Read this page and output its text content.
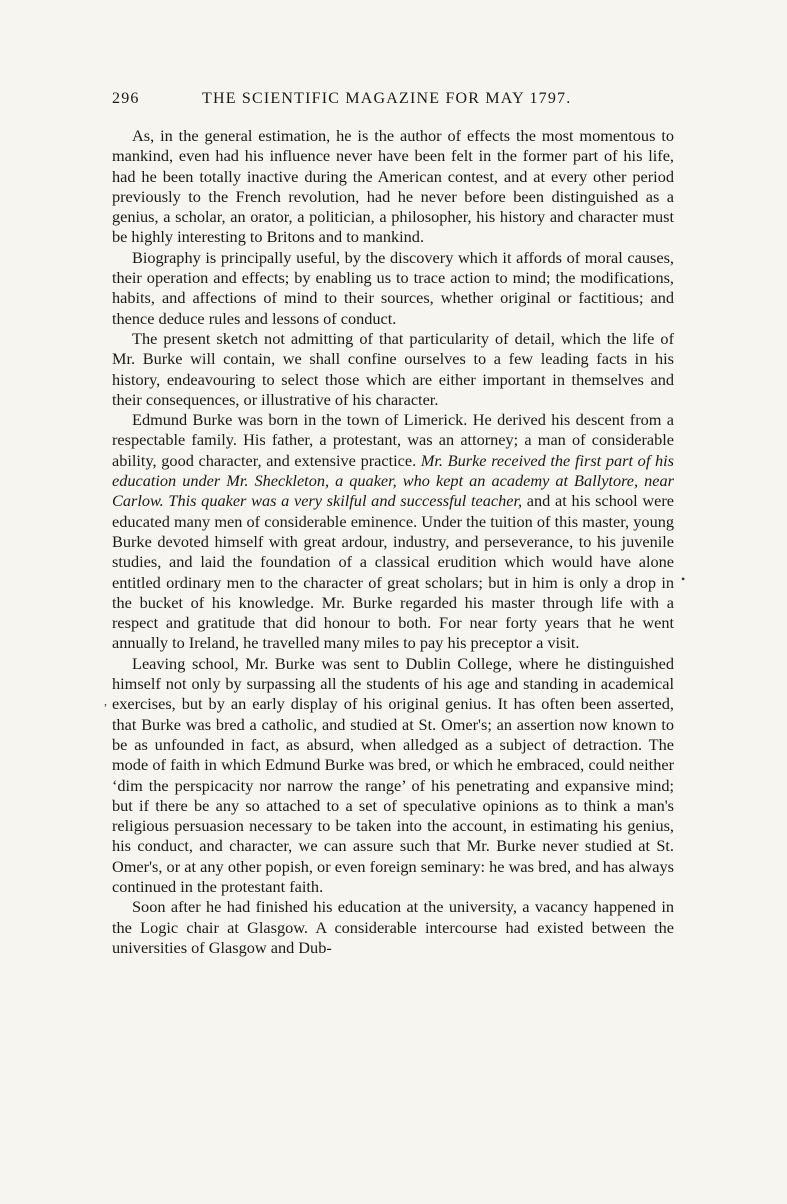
296	THE SCIENTIFIC MAGAZINE FOR MAY 1797.
•
,

As, in the general estimation, he is the author of effects the most momentous to mankind, even had his influence never have been felt in the former part of his life, had he been totally inactive during the American contest, and at every other period previously to the French revolution, had he never before been distinguished as a genius, a scholar, an orator, a politician, a philosopher, his history and character must be highly interesting to Britons and to mankind.

Biography is principally useful, by the discovery which it affords of moral causes, their operation and effects; by enabling us to trace action to mind; the modifications, habits, and affections of mind to their sources, whether original or factitious; and thence deduce rules and lessons of conduct.

The present sketch not admitting of that particularity of detail, which the life of Mr. Burke will contain, we shall confine ourselves to a few leading facts in his history, endeavouring to select those which are either important in themselves and their consequences, or illustrative of his character.

Edmund Burke was born in the town of Limerick. He derived his descent from a respectable family. His father, a protestant, was an attorney; a man of considerable ability, good character, and extensive practice. Mr. Burke received the first part of his education under Mr. Sheckleton, a quaker, who kept an academy at Ballytore, near Carlow. This quaker was a very skilful and successful teacher, and at his school were educated many men of considerable eminence. Under the tuition of this master, young Burke devoted himself with great ardour, industry, and perseverance, to his juvenile studies, and laid the foundation of a classical erudition which would have alone entitled ordinary men to the character of great scholars; but in him is only a drop in the bucket of his knowledge. Mr. Burke regarded his master through life with a respect and gratitude that did honour to both. For near forty years that he went annually to Ireland, he travelled many miles to pay his preceptor a visit.

Leaving school, Mr. Burke was sent to Dublin College, where he distinguished himself not only by surpassing all the students of his age and standing in academical exercises, but by an early display of his original genius. It has often been asserted, that Burke was bred a catholic, and studied at St. Omer's; an assertion now known to be as unfounded in fact, as absurd, when alledged as a subject of detraction. The mode of faith in which Edmund Burke was bred, or which he embraced, could neither ‘dim the perspicacity nor narrow the range’ of his penetrating and expansive mind; but if there be any so attached to a set of speculative opinions as to think a man's religious persuasion necessary to be taken into the account, in estimating his genius, his conduct, and character, we can assure such that Mr. Burke never studied at St. Omer's, or at any other popish, or even foreign seminary: he was bred, and has always continued in the protestant faith.

Soon after he had finished his education at the university, a vacancy happened in the Logic chair at Glasgow. A considerable intercourse had existed between the universities of Glasgow and Dub-
